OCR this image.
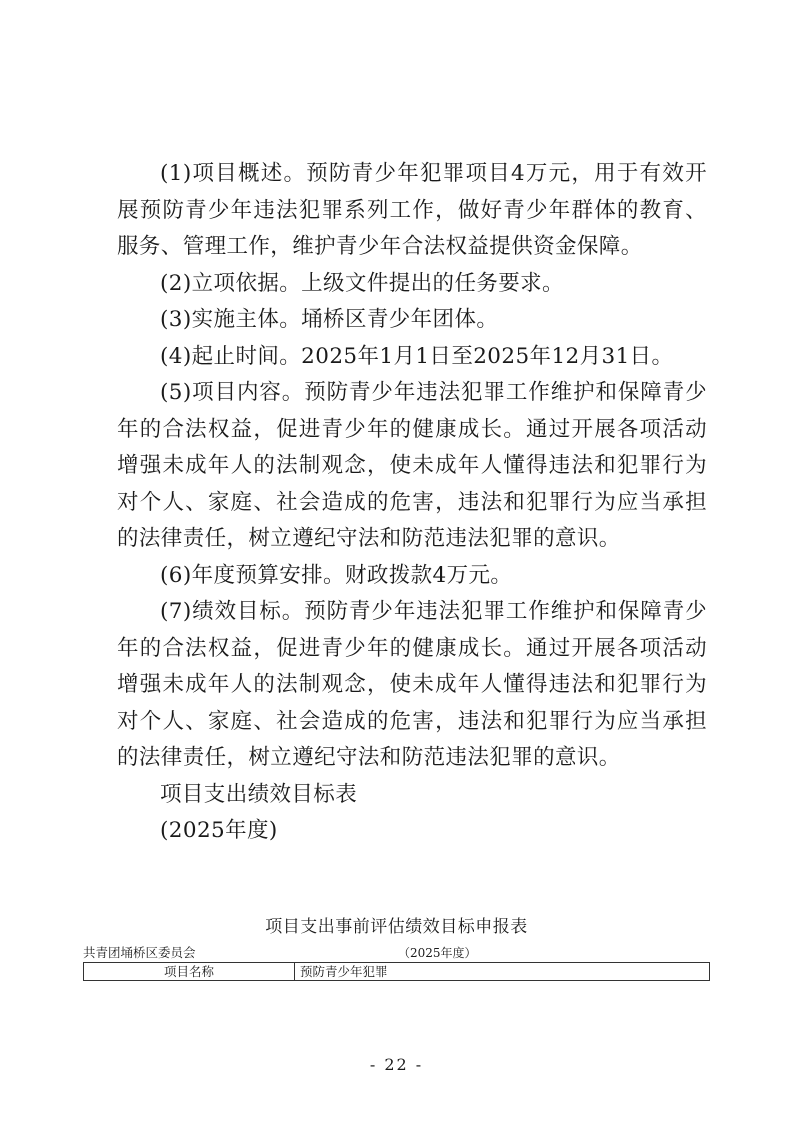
(1)项目概述。预防青少年犯罪项目4万元，用于有效开展预防青少年违法犯罪系列工作，做好青少年群体的教育、服务、管理工作，维护青少年合法权益提供资金保障。

(2)立项依据。上级文件提出的任务要求。

(3)实施主体。埇桥区青少年团体。

(4)起止时间。2025年1月1日至2025年12月31日。

(5)项目内容。预防青少年违法犯罪工作维护和保障青少年的合法权益，促进青少年的健康成长。通过开展各项活动增强未成年人的法制观念，使未成年人懂得违法和犯罪行为对个人、家庭、社会造成的危害，违法和犯罪行为应当承担的法律责任，树立遵纪守法和防范违法犯罪的意识。

(6)年度预算安排。财政拨款4万元。

(7)绩效目标。预防青少年违法犯罪工作维护和保障青少年的合法权益，促进青少年的健康成长。通过开展各项活动增强未成年人的法制观念，使未成年人懂得违法和犯罪行为对个人、家庭、社会造成的危害，违法和犯罪行为应当承担的法律责任，树立遵纪守法和防范违法犯罪的意识。

项目支出绩效目标表

(2025年度)

项目支出事前评估绩效目标申报表
共青团埇桥区委员会	（2025年度）
项目名称	预防青少年犯罪
- 22 -
